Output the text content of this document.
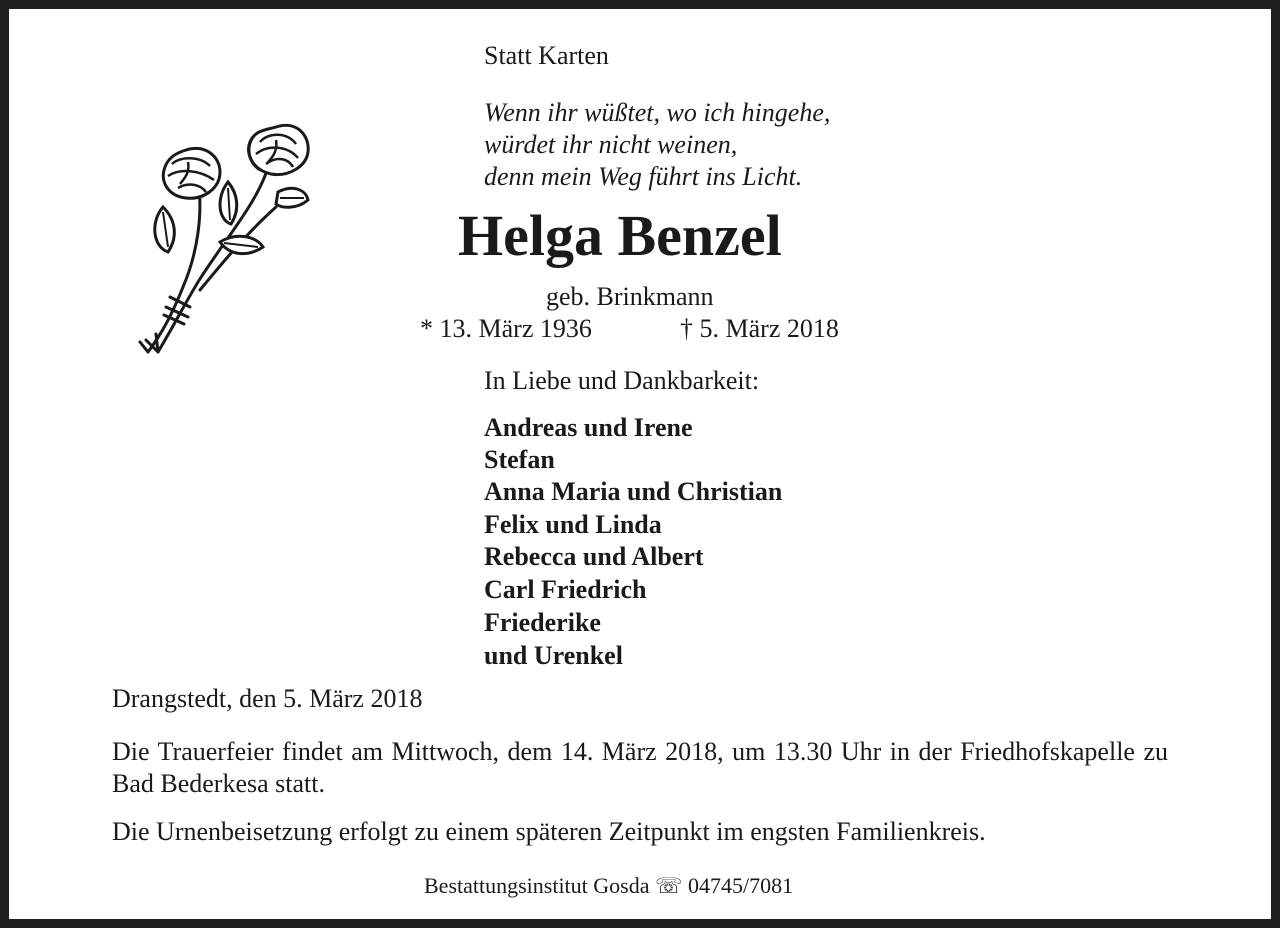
Statt Karten
Wenn ihr wüßtet, wo ich hingehe,
würdet ihr nicht weinen,
denn mein Weg führt ins Licht.
Helga Benzel
geb. Brinkmann
* 13. März 1936	† 5. März 2018
In Liebe und Dankbarkeit:
Andreas und Irene
Stefan
Anna Maria und Christian
Felix und Linda
Rebecca und Albert
Carl Friedrich
Friederike
und Urenkel
Drangstedt, den 5. März 2018
Die Trauerfeier findet am Mittwoch, dem 14. März 2018, um 13.30 Uhr in der Friedhofskapelle zu Bad Bederkesa statt.
Die Urnenbeisetzung erfolgt zu einem späteren Zeitpunkt im engsten Familienkreis.
Bestattungsinstitut Gosda ☏ 04745/7081
